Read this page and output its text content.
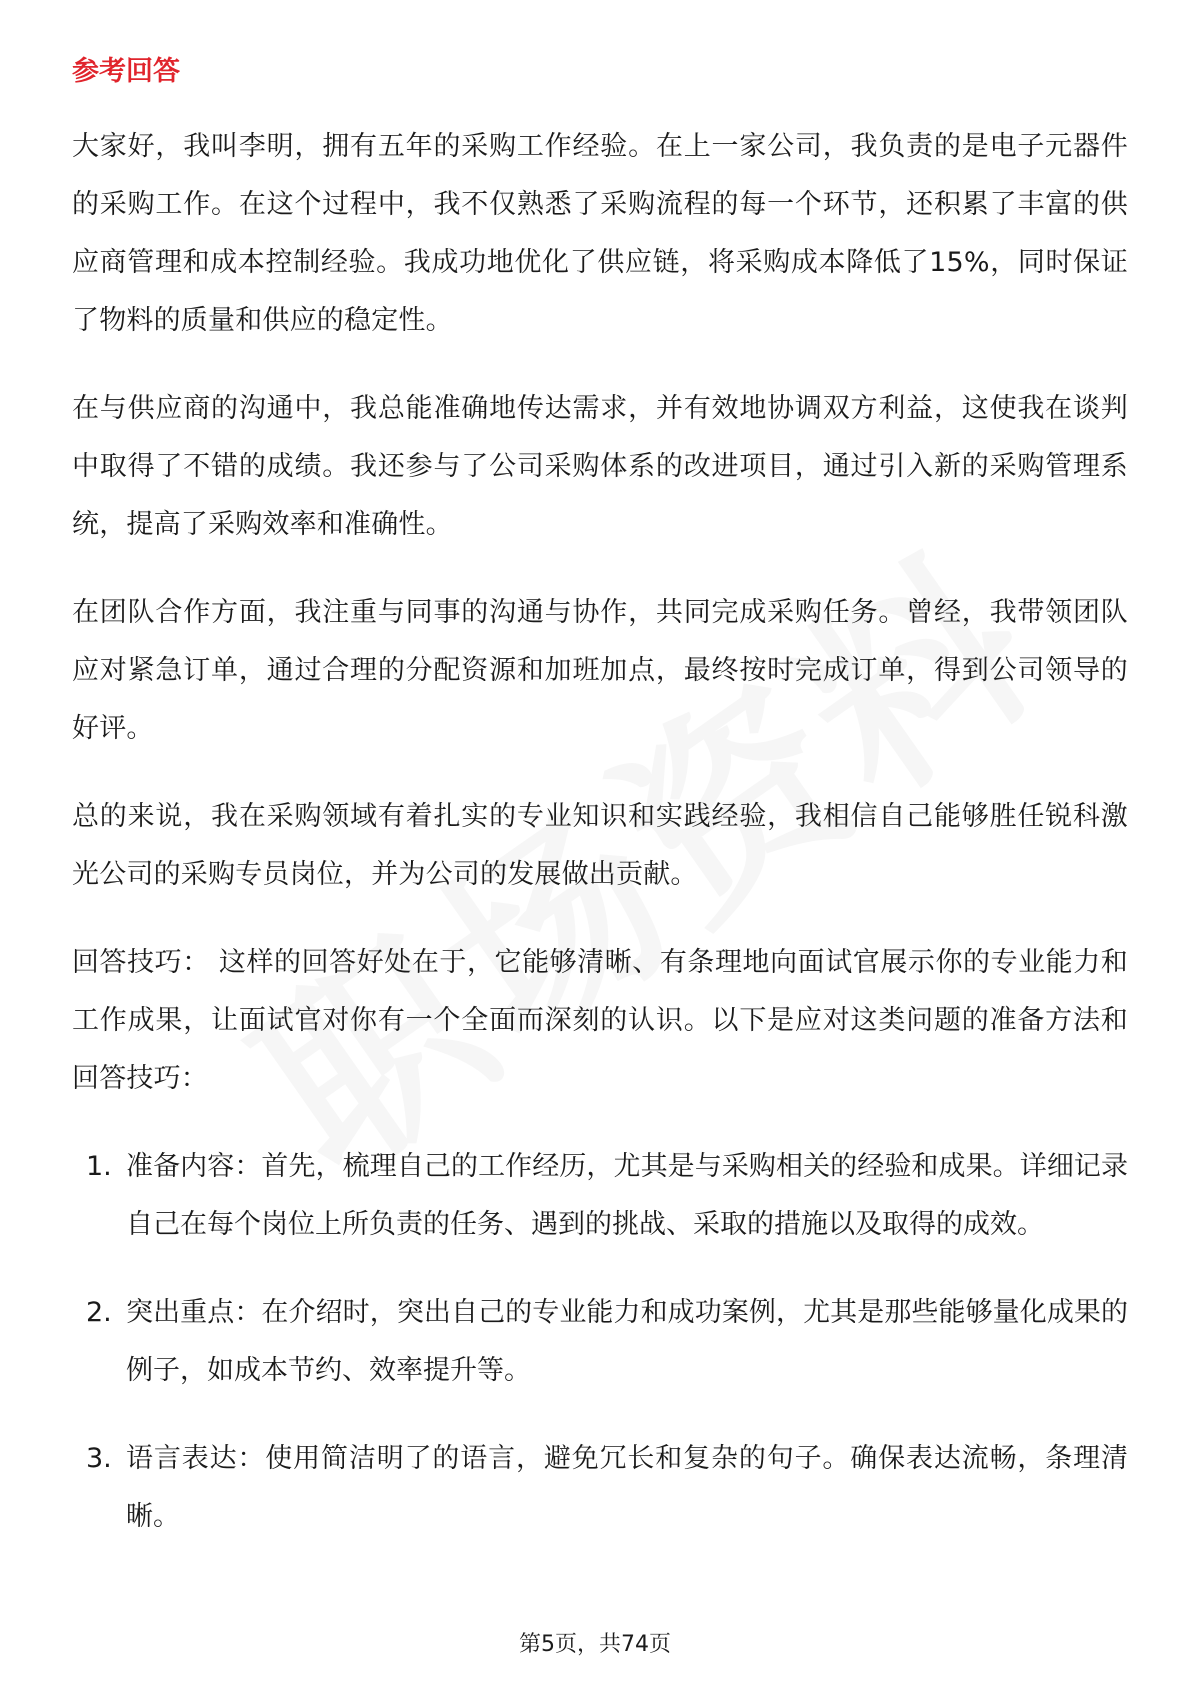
参考回答

大家好，我叫李明，拥有五年的采购工作经验。在上一家公司，我负责的是电子元器件的采购工作。在这个过程中，我不仅熟悉了采购流程的每一个环节，还积累了丰富的供应商管理和成本控制经验。我成功地优化了供应链，将采购成本降低了15%，同时保证了物料的质量和供应的稳定性。

在与供应商的沟通中，我总能准确地传达需求，并有效地协调双方利益，这使我在谈判中取得了不错的成绩。我还参与了公司采购体系的改进项目，通过引入新的采购管理系统，提高了采购效率和准确性。

在团队合作方面，我注重与同事的沟通与协作，共同完成采购任务。曾经，我带领团队应对紧急订单，通过合理的分配资源和加班加点，最终按时完成订单，得到公司领导的好评。

总的来说，我在采购领域有着扎实的专业知识和实践经验，我相信自己能够胜任锐科激光公司的采购专员岗位，并为公司的发展做出贡献。

回答技巧： 这样的回答好处在于，它能够清晰、有条理地向面试官展示你的专业能力和工作成果，让面试官对你有一个全面而深刻的认识。以下是应对这类问题的准备方法和回答技巧：

1. 准备内容：首先，梳理自己的工作经历，尤其是与采购相关的经验和成果。详细记录自己在每个岗位上所负责的任务、遇到的挑战、采取的措施以及取得的成效。
2. 突出重点：在介绍时，突出自己的专业能力和成功案例，尤其是那些能够量化成果的例子，如成本节约、效率提升等。
3. 语言表达：使用简洁明了的语言，避免冗长和复杂的句子。确保表达流畅，条理清晰。
第5页，共74页
